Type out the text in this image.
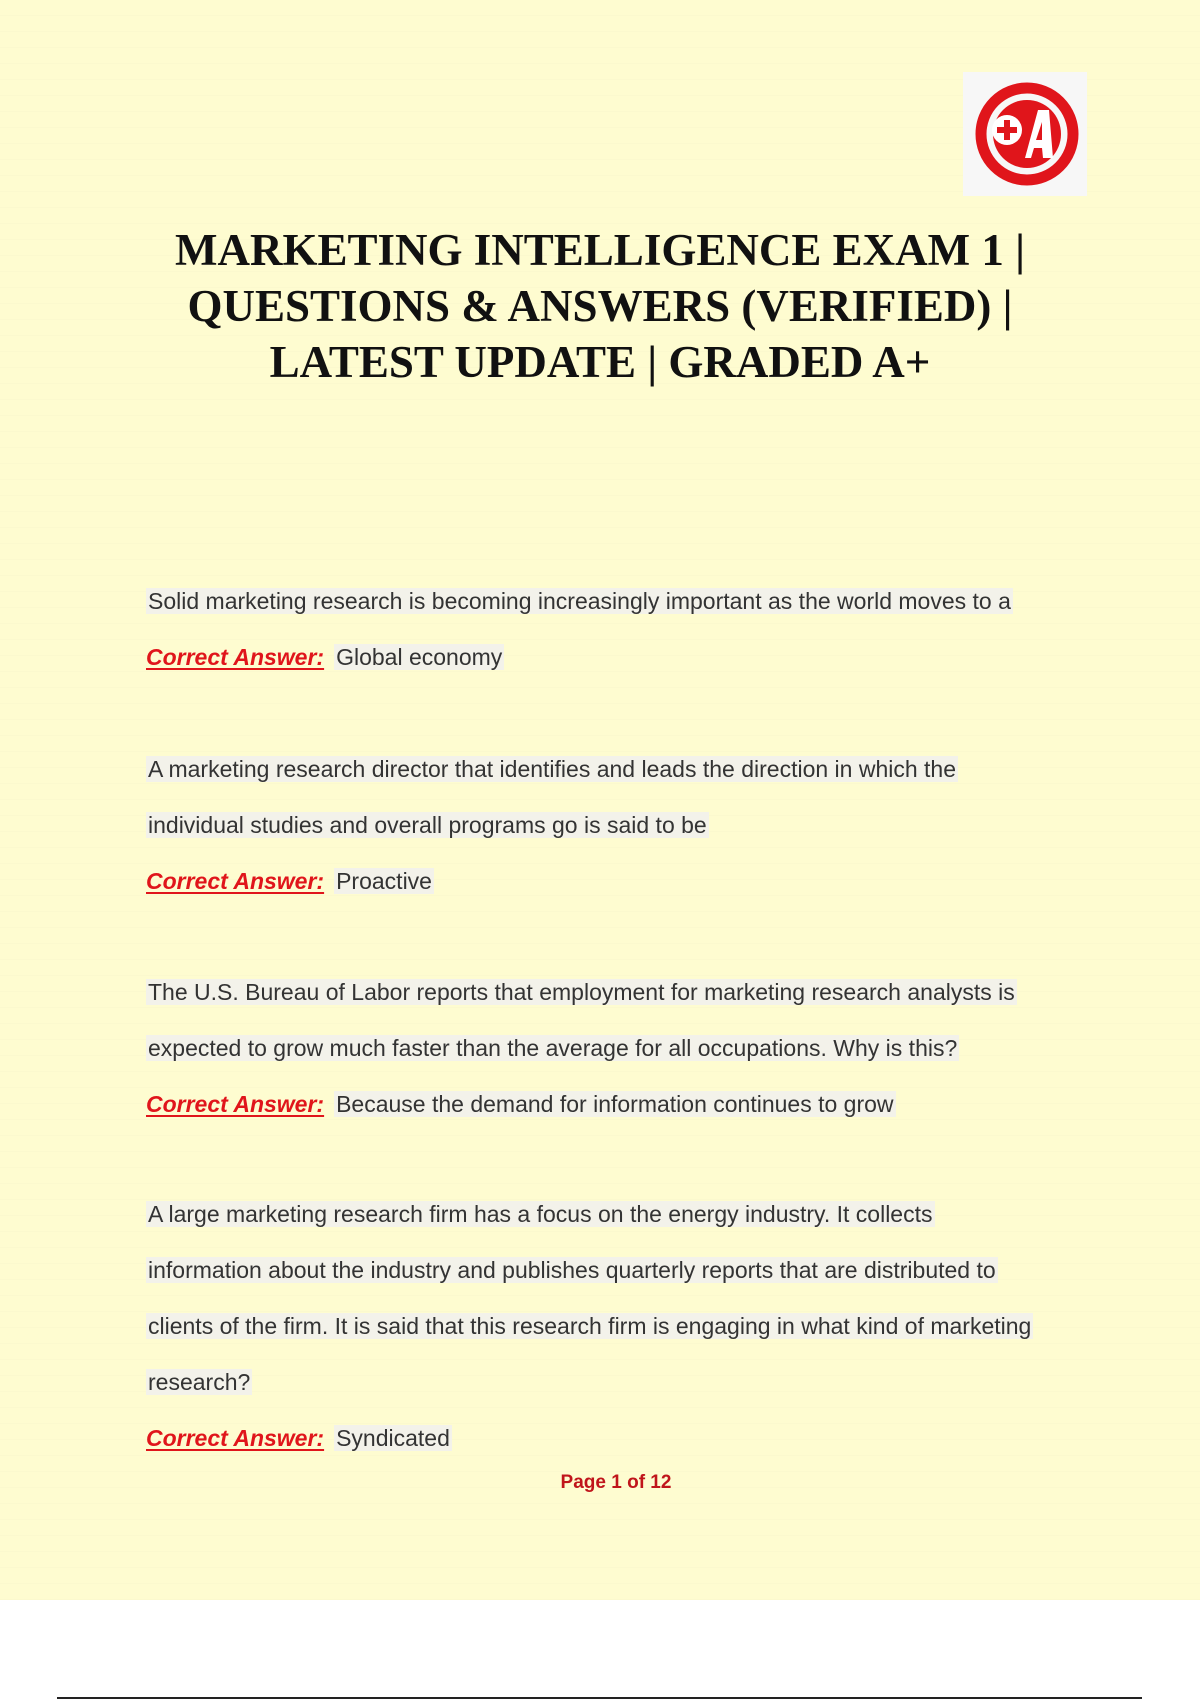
MARKETING INTELLIGENCE EXAM 1 |
QUESTIONS & ANSWERS (VERIFIED) |
LATEST UPDATE | GRADED A+
Solid marketing research is becoming increasingly important as the world moves to a
Correct Answer: Global economy
A marketing research director that identifies and leads the direction in which the
individual studies and overall programs go is said to be
Correct Answer: Proactive
The U.S. Bureau of Labor reports that employment for marketing research analysts is
expected to grow much faster than the average for all occupations. Why is this?
Correct Answer: Because the demand for information continues to grow
A large marketing research firm has a focus on the energy industry. It collects
information about the industry and publishes quarterly reports that are distributed to
clients of the firm. It is said that this research firm is engaging in what kind of marketing
research?
Correct Answer: Syndicated
Page 1 of 12
